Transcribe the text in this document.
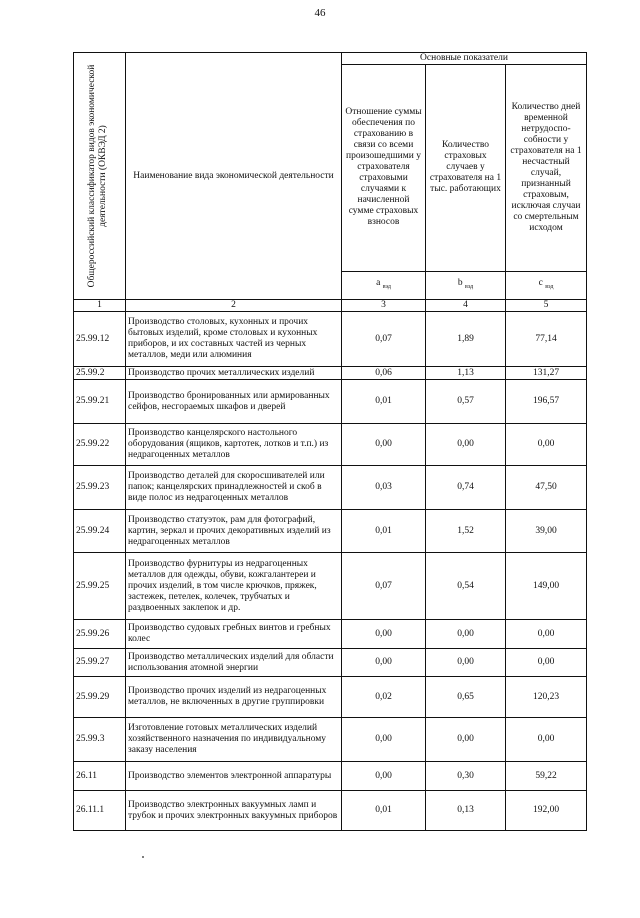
46
Общероссийский классификатор видов экономической деятельности (ОКВЭД 2)	Наименование вида экономической деятельности	Основные показатели		
		Отношение суммы обеспечения по страхованию в связи со всеми произошедшими у страхователя страховыми случаями к начисленной сумме страховых взносов	Количество страховых случаев у страхователя на 1 тыс. работающих	Количество дней временной нетрудоспо-собности у страхователя на 1 несчастный случай, признанный страховым, исключая случаи со смертельным исходом
		a $_{вэд}$	b $_{вэд}$	c $_{вэд}$
1	2	3	4	5
25.99.12	Производство столовых, кухонных и прочих бытовых изделий, кроме столовых и кухонных приборов, и их составных частей из черных металлов, меди или алюминия	0,07	1,89	77,14
25.99.2	Производство прочих металлических изделий	0,06	1,13	131,27
25.99.21	Производство бронированных или армированных сейфов, несгораемых шкафов и дверей	0,01	0,57	196,57
25.99.22	Производство канцелярского настольного оборудования (ящиков, картотек, лотков и т.п.) из недрагоценных металлов	0,00	0,00	0,00
25.99.23	Производство деталей для скоросшивателей или папок; канцелярских принадлежностей и скоб в виде полос из недрагоценных металлов	0,03	0,74	47,50
25.99.24	Производство статуэток, рам для фотографий, картин, зеркал и прочих декоративных изделий из недрагоценных металлов	0,01	1,52	39,00
25.99.25	Производство фурнитуры из недрагоценных металлов для одежды, обуви, кожгалантереи и прочих изделий, в том числе крючков, пряжек, застежек, петелек, колечек, трубчатых и раздвоенных заклепок и др.	0,07	0,54	149,00
25.99.26	Производство судовых гребных винтов и гребных колес	0,00	0,00	0,00
25.99.27	Производство металлических изделий для области использования атомной энергии	0,00	0,00	0,00
25.99.29	Производство прочих изделий из недрагоценных металлов, не включенных в другие группировки	0,02	0,65	120,23
25.99.3	Изготовление готовых металлических изделий хозяйственного назначения по индивидуальному заказу населения	0,00	0,00	0,00
26.11	Производство элементов электронной аппаратуры	0,00	0,30	59,22
26.11.1	Производство электронных вакуумных ламп и трубок и прочих электронных вакуумных приборов	0,01	0,13	192,00
